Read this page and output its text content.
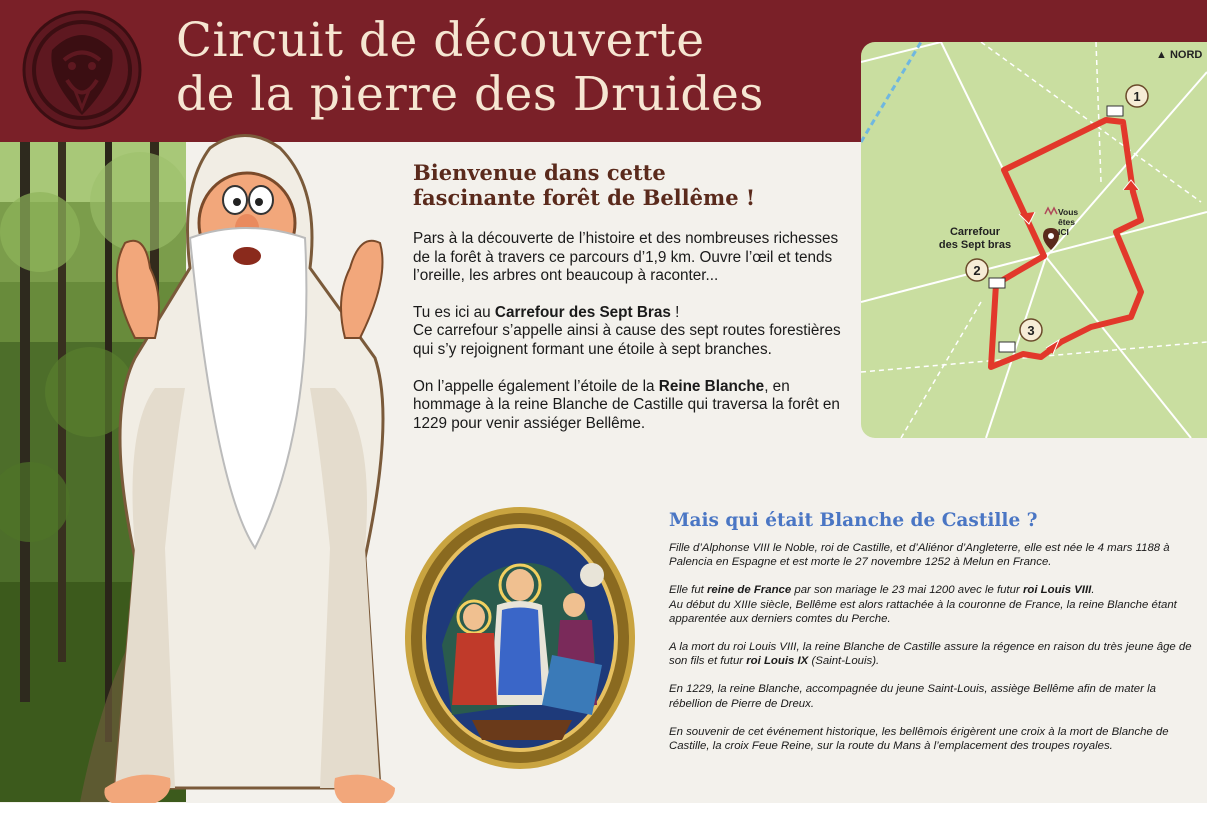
Circuit de découverte
de la pierre des Druides
Bienvenue dans cette
fascinante forêt de Bellême !

Pars à la découverte de l’histoire et des nombreuses richesses de la forêt à travers ce parcours d’1,9 km. Ouvre l’œil et tends l’oreille, les arbres ont beaucoup à raconter...

Tu es ici au Carrefour des Sept Bras !
Ce carrefour s’appelle ainsi à cause des sept routes forestières qui s’y rejoignent formant une étoile à sept branches.

On l’appelle également l’étoile de la Reine Blanche, en hommage à la reine Blanche de Castille qui traversa la forêt en 1229 pour venir assiéger Bellême.

1
2
3
▲ NORD
Carrefour
des Sept bras
Vous
êtes
ICI
Mais qui était Blanche de Castille ?

Fille d’Alphonse VIII le Noble, roi de Castille, et d’Aliénor d’Angleterre, elle est née le 4 mars 1188 à Palencia en Espagne et est morte le 27 novembre 1252 à Melun en France.

Elle fut reine de France par son mariage le 23 mai 1200 avec le futur roi Louis VIII.
Au début du XIIIe siècle, Bellême est alors rattachée à la couronne de France, la reine Blanche étant apparentée aux derniers comtes du Perche.

A la mort du roi Louis VIII, la reine Blanche de Castille assure la régence en raison du très jeune âge de son fils et futur roi Louis IX (Saint-Louis).

En 1229, la reine Blanche, accompagnée du jeune Saint-Louis, assiège Bellême afin de mater la rébellion de Pierre de Dreux.

En souvenir de cet événement historique, les bellêmois érigèrent une croix à la mort de Blanche de Castille, la croix Feue Reine, sur la route du Mans à l’emplacement des troupes royales.
